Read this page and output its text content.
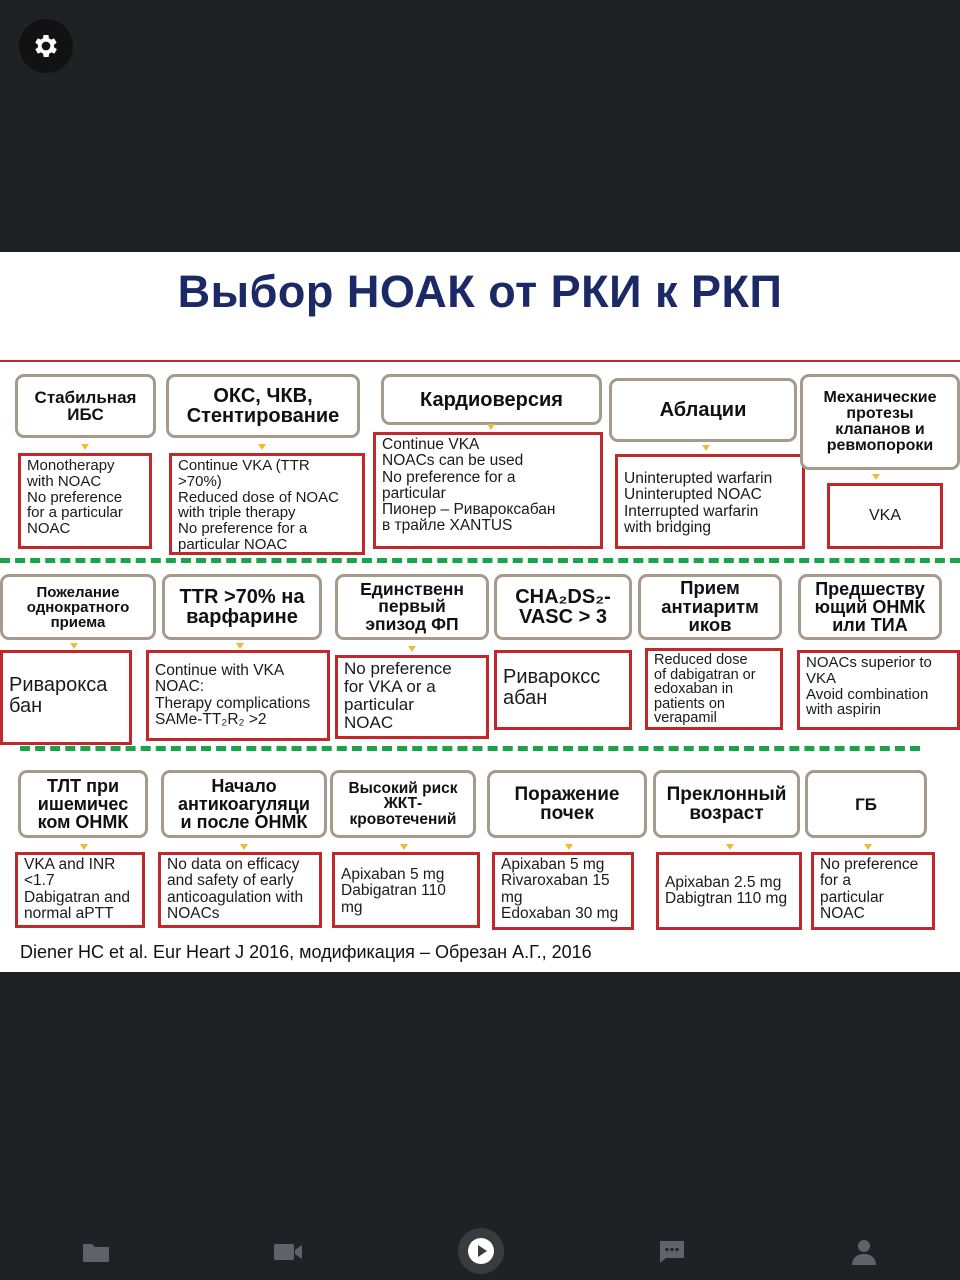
Выбор НОАК от РКИ к РКП
Стабильная
ИБС
Monotherapy
with NOAC
No preference
for a particular
NOAC
ОКС, ЧКВ,
Стентирование
Continue VKA (TTR
>70%)
Reduced dose of NOAC
with triple therapy
No preference for a
particular NOAC
Кардиоверсия
Continue VKA
NOACs can be used
No preference for a
particular
Пионер – Ривароксабан
в трайле XANTUS
Аблации
Uninterupted warfarin
Uninterupted NOAC
Interrupted warfarin
with bridging
Механические
протезы
клапанов и
ревмопороки
VKA
Пожелание
однократного
приема
Ривароксa
бан
TTR >70% на
варфарине
Continue with VKA
NOAC:
Therapy complications
SAMe-TT₂R₂ >2
Единственн
первый
эпизод ФП
No preference
for VKA or a
particular
NOAC
CHA₂DS₂-
VASC > 3
Ривароксс
абан
Прием
антиаритм
иков
Reduced dose
of dabigatran or
edoxaban in
patients on
verapamil
Предшеству
ющий ОНМК
или ТИА
NOACs superior to
VKA
Avoid combination
with aspirin
ТЛТ при
ишемичес
ком ОНМК
VKA and INR
<1.7
Dabigatran and
normal aPTT
Начало
антикоагуляци
и после ОНМК
No data on efficacy
and safety of early
anticoagulation with
NOACs
Высокий риск
ЖКТ-
кровотечений
Apixaban 5 mg
Dabigatran 110
mg
Поражение
почек
Apixaban 5 mg
Rivaroxaban 15
mg
Edoxaban 30 mg
Преклонный
возраст
Apixaban 2.5 mg
Dabigtran 110 mg
ГБ
No preference
for a
particular
NOAC
Diener HC et al. Eur Heart J 2016, модификация – Обрезан А.Г., 2016
